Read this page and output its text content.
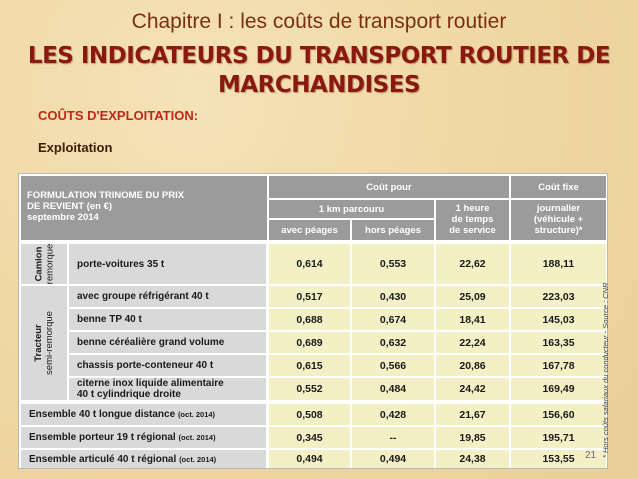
Chapitre I : les coûts de transport routier
LES INDICATEURS DU TRANSPORT ROUTIER DE MARCHANDISES
COÛTS D'EXPLOITATION:
Exploitation
FORMULATION TRINOME DU PRIX
DE REVIENT (en €)
septembre 2014
Coût pour	Coût fixe
1 km parcouru	1 heure
de temps
de service
journalier
(véhicule +
structure)*
avec péages	hors péages
Camion remorque
Tracteur semi-remorque
porte-voitures 35 t	0,614	0,553	22,62	188,11
avec groupe réfrigérant 40 t	0,517	0,430	25,09	223,03
benne TP 40 t	0,688	0,674	18,41	145,03
benne céréalière grand volume	0,689	0,632	22,24	163,35
chassis porte-conteneur 40 t	0,615	0,566	20,86	167,78
citerne inox liquide alimentaire
40 t cylindrique droite	0,552	0,484	24,42	169,49
Ensemble 40 t longue distance
(oct. 2014)	0,508	0,428	21,67	156,60
Ensemble porteur 19 t régional
(oct. 2014)	0,345	--	19,85	195,71
Ensemble articulé 40 t régional
(oct. 2014)	0,494	0,494	24,38	153,55
* Hors coûts salariaux du conducteur - Source : CNR
21
